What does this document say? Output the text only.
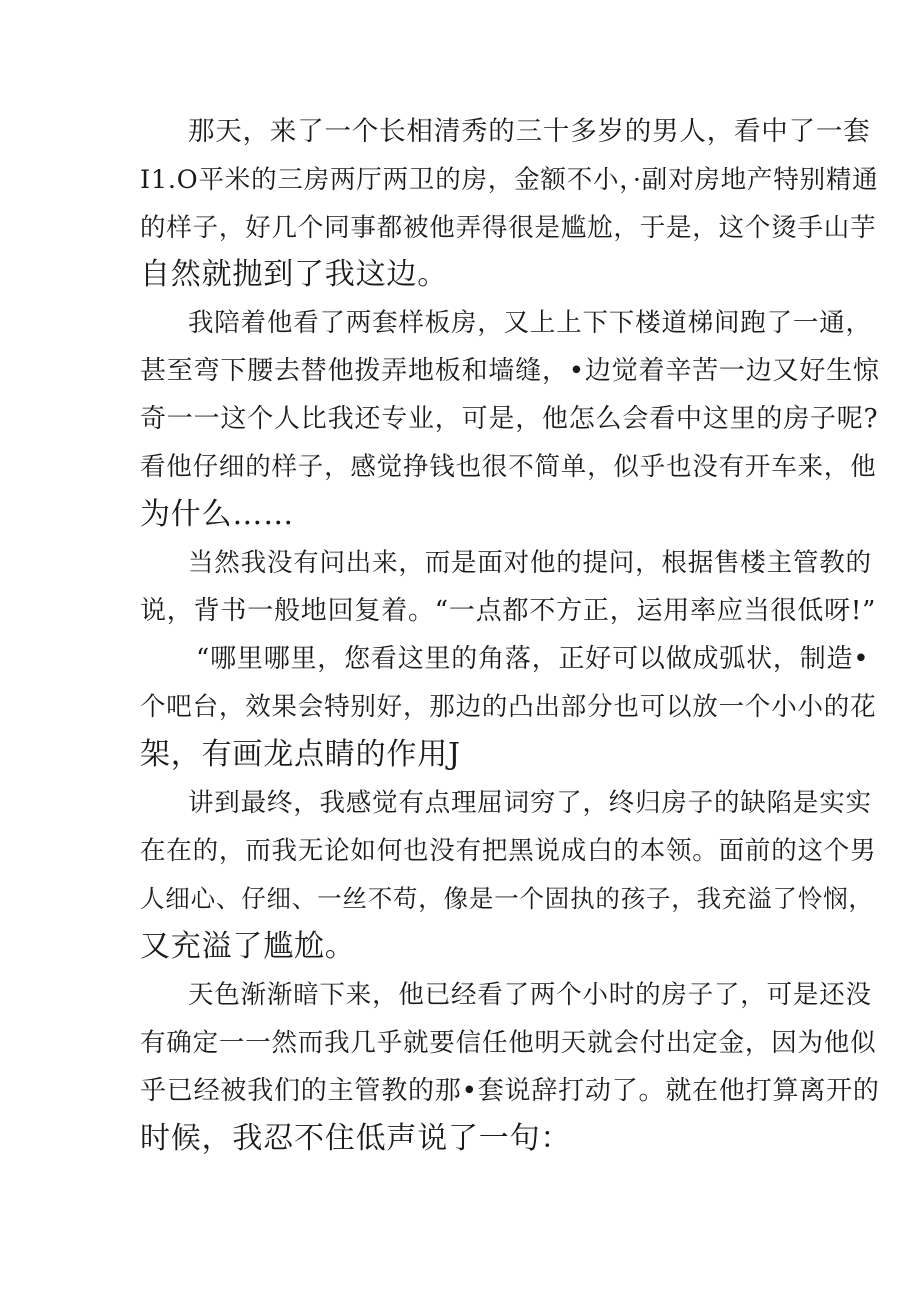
那天，来了一个长相清秀的三十多岁的男人，看中了一套

I1.O平米的三房两厅两卫的房，金额不小，·副对房地产特别精通

的样子，好几个同事都被他弄得很是尴尬，于是，这个烫手山芋

自然就抛到了我这边。

我陪着他看了两套样板房，又上上下下楼道梯间跑了一通，

甚至弯下腰去替他拨弄地板和墙缝，•边觉着辛苦一边又好生惊

奇一一这个人比我还专业，可是，他怎么会看中这里的房子呢?

看他仔细的样子，感觉挣钱也很不简单，似乎也没有开车来，他

为什么……

当然我没有问出来，而是面对他的提问，根据售楼主管教的

说，背书一般地回复着。“一点都不方正，运用率应当很低呀!”

“哪里哪里，您看这里的角落，正好可以做成弧状，制造•

个吧台，效果会特别好，那边的凸出部分也可以放一个小小的花

架，有画龙点睛的作用J

讲到最终，我感觉有点理屈词穷了，终归房子的缺陷是实实

在在的，而我无论如何也没有把黑说成白的本领。面前的这个男

人细心、仔细、一丝不苟，像是一个固执的孩子，我充溢了怜悯，

又充溢了尴尬。

天色渐渐暗下来，他已经看了两个小时的房子了，可是还没

有确定一一然而我几乎就要信任他明天就会付出定金，因为他似

乎已经被我们的主管教的那•套说辞打动了。就在他打算离开的

时候，我忍不住低声说了一句：
